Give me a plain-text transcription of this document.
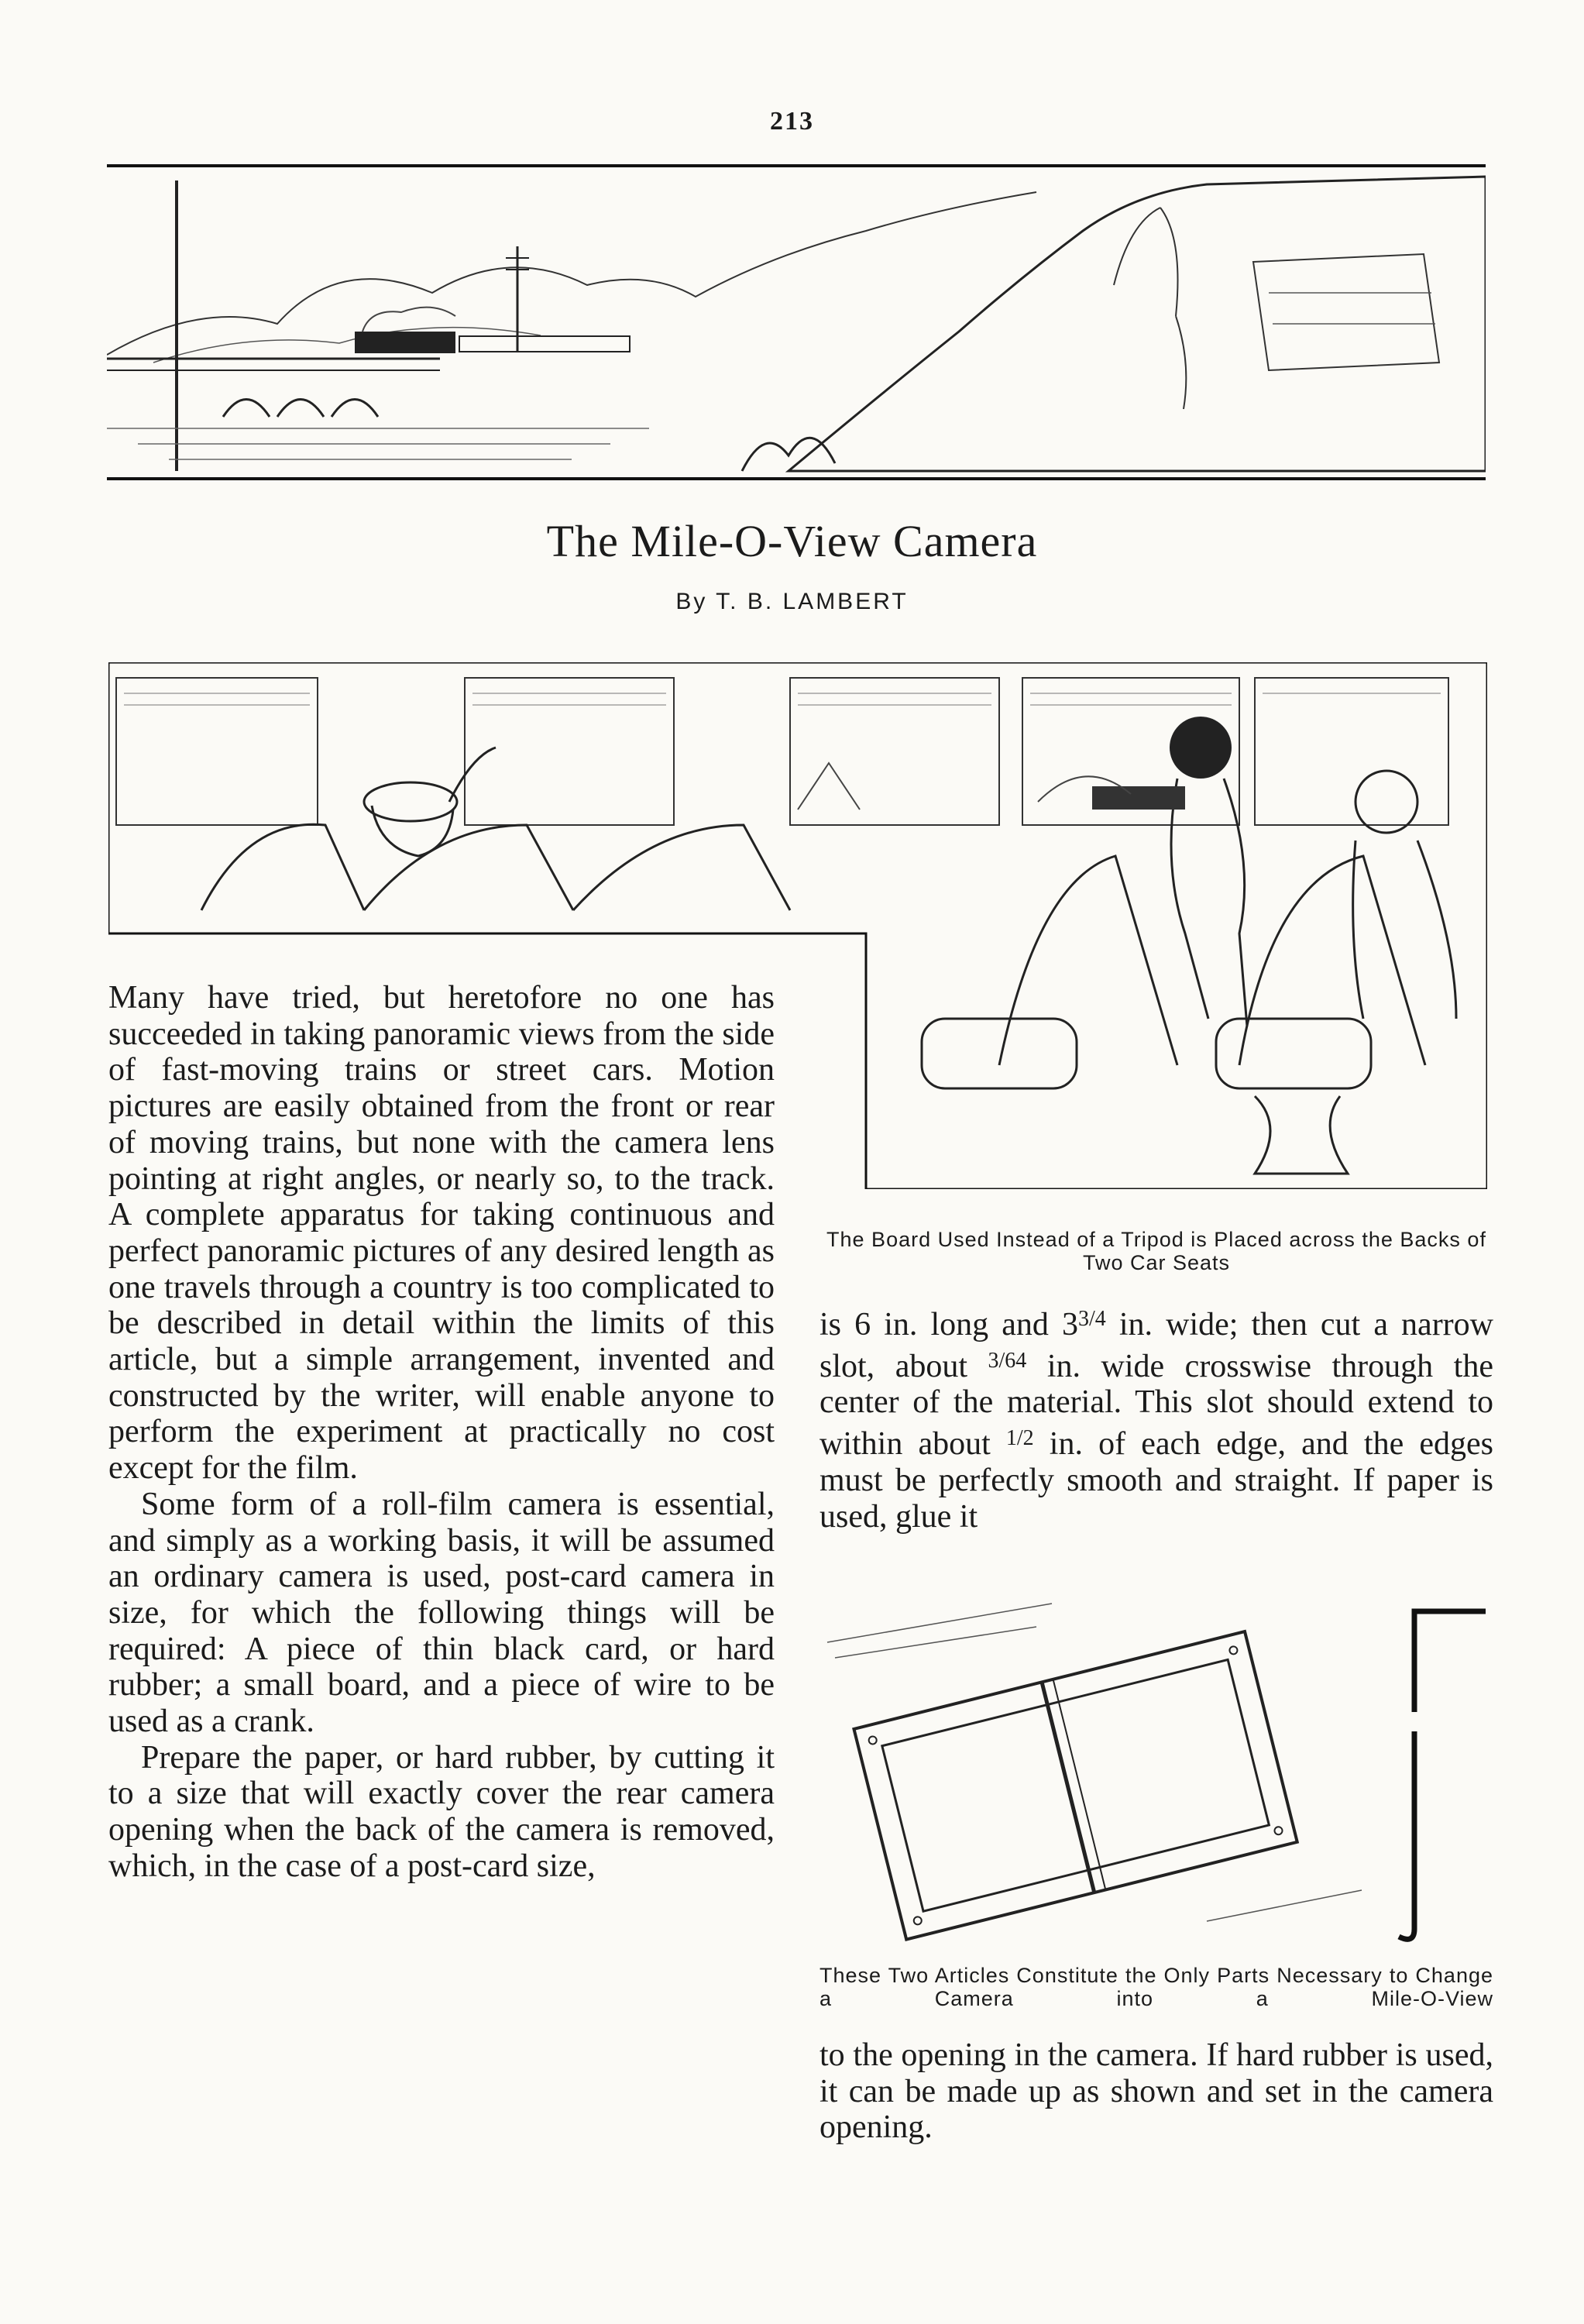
213
The Mile-O-View Camera
By T. B. LAMBERT
The Board Used Instead of a Tripod is Placed across the Backs of Two Car Seats

Many have tried, but heretofore no one has succeeded in taking panoramic views from the side of fast-moving trains or street cars. Motion pictures are easily obtained from the front or rear of moving trains, but none with the camera lens pointing at right angles, or nearly so, to the track. A complete apparatus for taking continuous and perfect panoramic pictures of any desired length as one travels through a country is too complicated to be described in detail within the limits of this article, but a simple arrangement, invented and constructed by the writer, will enable anyone to perform the experiment at practically no cost except for the film.

Some form of a roll-film camera is essential, and simply as a working basis, it will be assumed an ordinary camera is used, post-card camera in size, for which the following things will be required: A piece of thin black card, or hard rubber; a small board, and a piece of wire to be used as a crank.

Prepare the paper, or hard rubber, by cutting it to a size that will exactly cover the rear camera opening when the back of the camera is removed, which, in the case of a post-card size,

is 6 in. long and $3^{3/4}$ in. wide; then cut a narrow slot, about $^{3/64}$ in. wide crosswise through the center of the material. This slot should extend to within about $^{1/2}$ in. of each edge, and the edges must be perfectly smooth and straight. If paper is used, glue it

These Two Articles Constitute the Only Parts Necessary to Change a Camera into a Mile-O-View

to the opening in the camera. If hard rubber is used, it can be made up as shown and set in the camera opening.
